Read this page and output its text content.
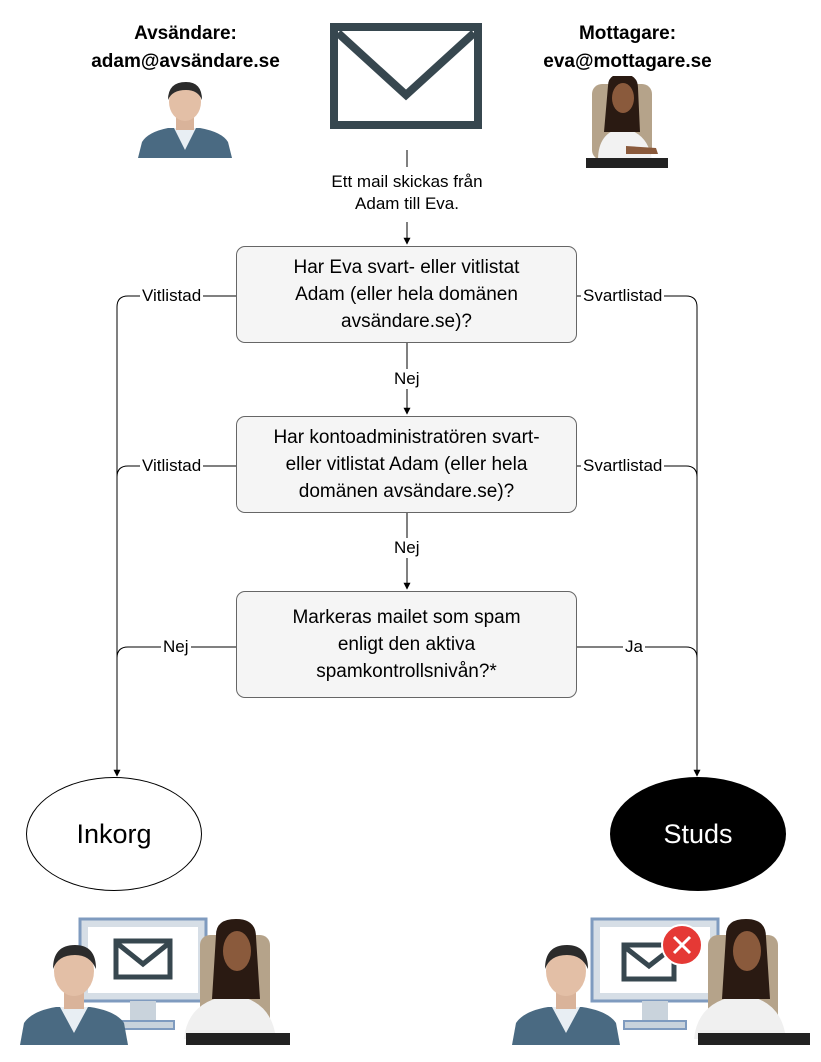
Avsändare:
adam@avsändare.se
Mottagare:
eva@mottagare.se
Ett mail skickas från
Adam till Eva.
Har Eva svart- eller vitlistat
Adam (eller hela domänen
avsändare.se)?
Har kontoadministratören svart-
eller vitlistat Adam (eller hela
domänen avsändare.se)?
Markeras mailet som spam
enligt den aktiva
spamkontrollsnivån?*
Vitlistad	Svartlistad
Nej
Vitlistad	Svartlistad
Nej
Nej	Ja
Inkorg	Studs
